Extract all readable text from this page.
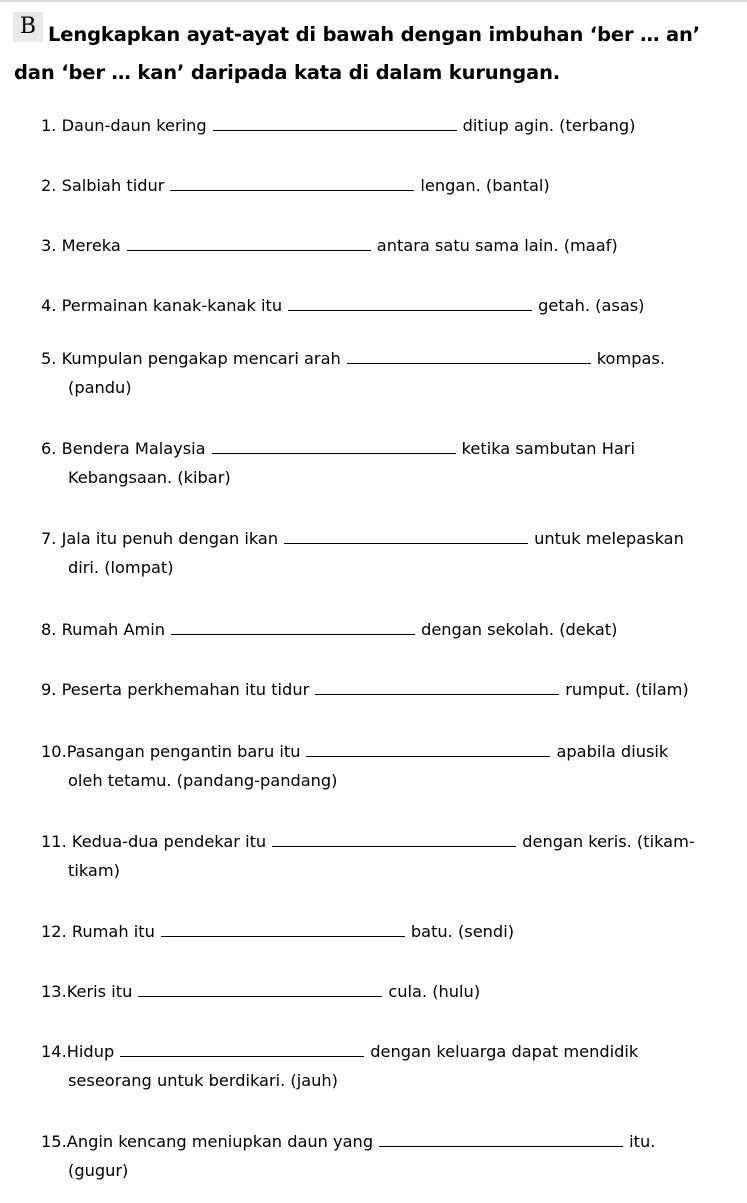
B Lengkapkan ayat-ayat di bawah dengan imbuhan ‘ber … an’ dan ‘ber … kan’ daripada kata di dalam kurungan.
1. Daun-daun kering	ditiup agin. (terbang)
2. Salbiah tidur	lengan. (bantal)
3. Mereka	antara satu sama lain. (maaf)
4. Permainan kanak-kanak itu	getah. (asas)
5. Kumpulan pengakap mencari arah	kompas.
(pandu)
6. Bendera Malaysia	ketika sambutan Hari
Kebangsaan. (kibar)
7. Jala itu penuh dengan ikan	untuk melepaskan
diri. (lompat)
8. Rumah Amin	dengan sekolah. (dekat)
9. Peserta perkhemahan itu tidur	rumput. (tilam)
10.Pasangan pengantin baru itu	apabila diusik
oleh tetamu. (pandang-pandang)
11. Kedua-dua pendekar itu	dengan keris. (tikam-
tikam)
12. Rumah itu	batu. (sendi)
13.Keris itu	cula. (hulu)
14.Hidup	dengan keluarga dapat mendidik
seseorang untuk berdikari. (jauh)
15.Angin kencang meniupkan daun yang	itu.
(gugur)
